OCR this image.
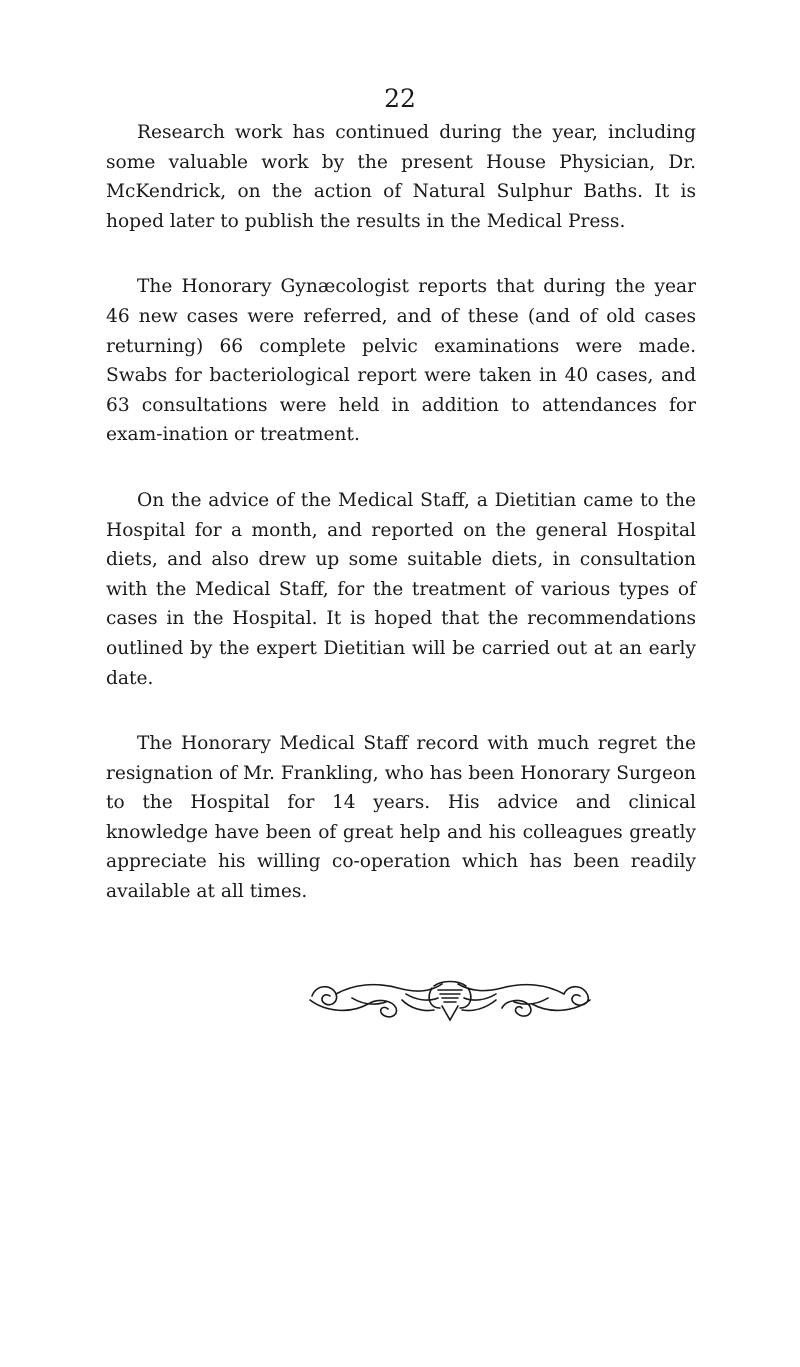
22

Research work has continued during the year, including some valuable work by the present House Physician, Dr. McKendrick, on the action of Natural Sulphur Baths. It is hoped later to publish the results in the Medical Press.

The Honorary Gynæcologist reports that during the year 46 new cases were referred, and of these (and of old cases returning) 66 complete pelvic examinations were made. Swabs for bacteriological report were taken in 40 cases, and 63 consultations were held in addition to attendances for exam-ination or treatment.

On the advice of the Medical Staff, a Dietitian came to the Hospital for a month, and reported on the general Hospital diets, and also drew up some suitable diets, in consultation with the Medical Staff, for the treatment of various types of cases in the Hospital. It is hoped that the recommendations outlined by the expert Dietitian will be carried out at an early date.

The Honorary Medical Staff record with much regret the resignation of Mr. Frankling, who has been Honorary Surgeon to the Hospital for 14 years. His advice and clinical knowledge have been of great help and his colleagues greatly appreciate his willing co-operation which has been readily available at all times.
